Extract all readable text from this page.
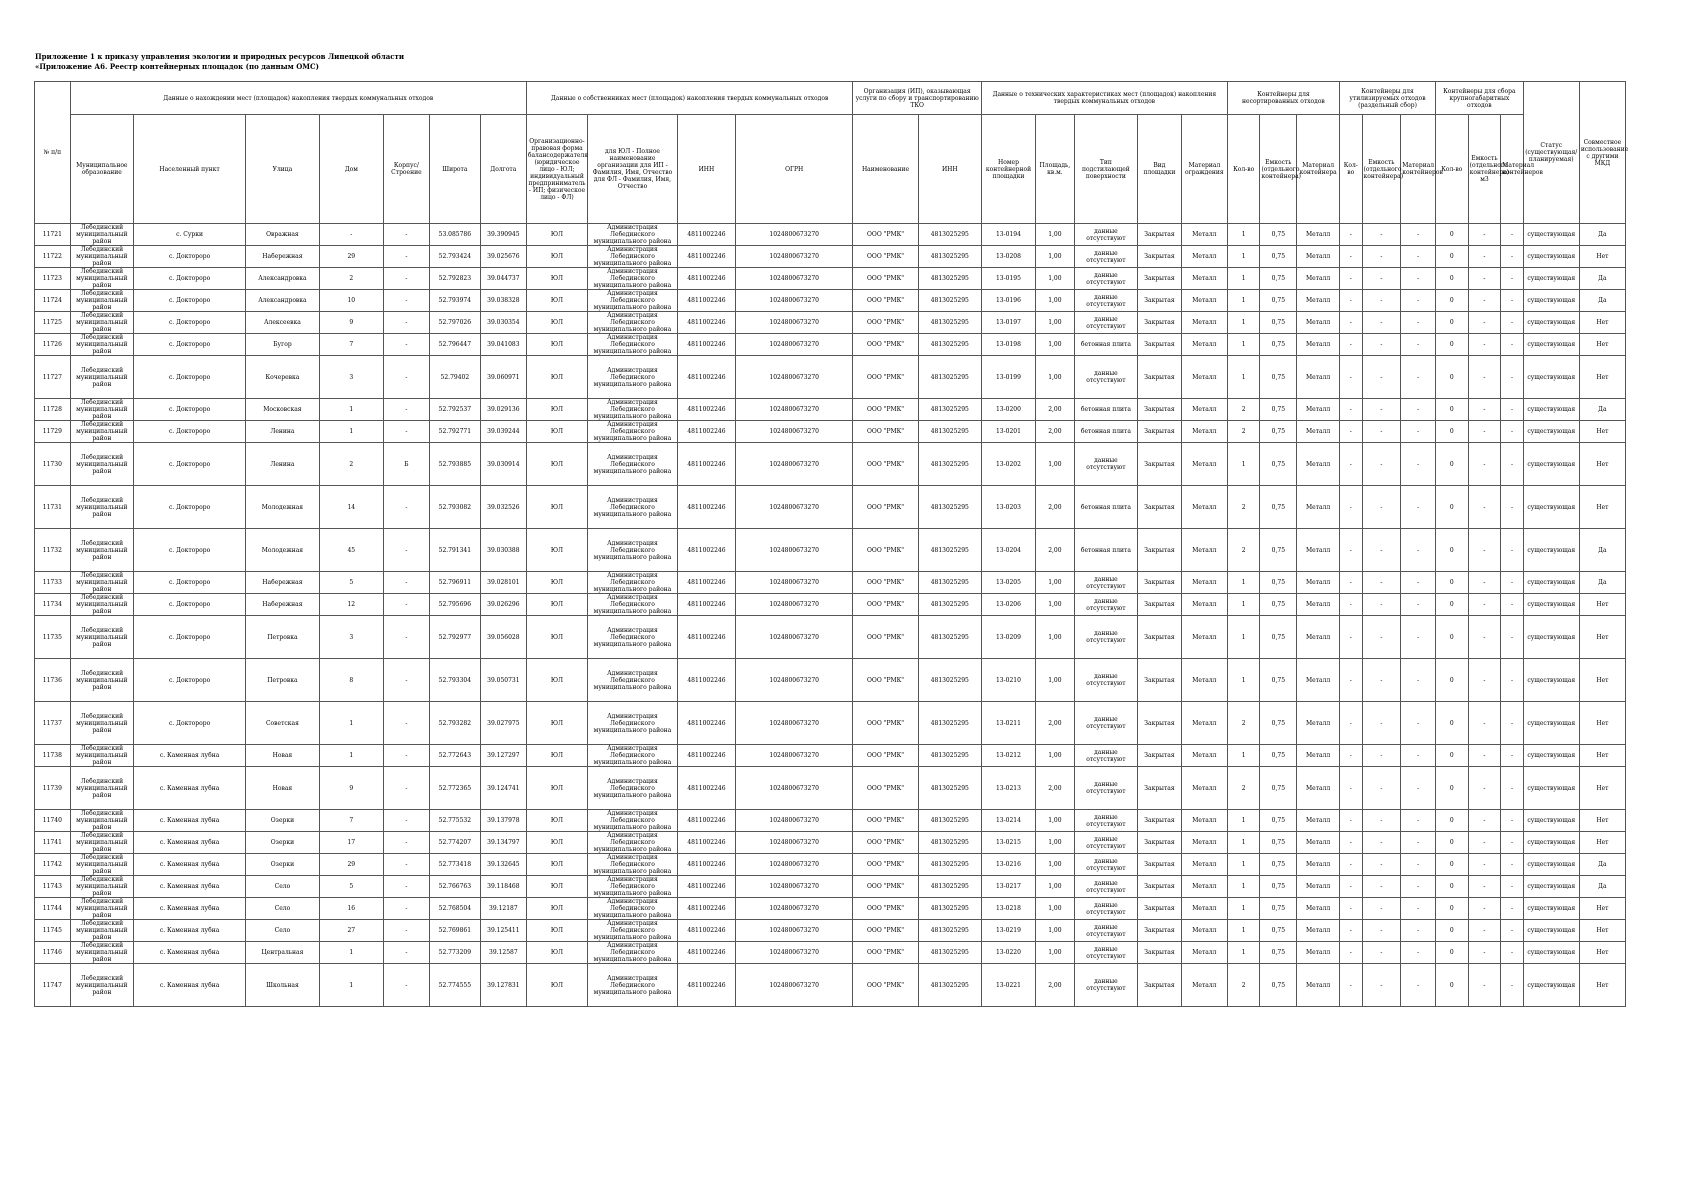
Приложение 1 к приказу управления экологии и природных ресурсов Липецкой области
«Приложение А6. Реестр контейнерных площадок (по данным ОМС)
№ п/п	Данные о нахождении мест (площадок) накопления твердых коммунальных отходов							Данные о собственниках мест (площадок) накопления твердых коммунальных отходов				Организация (ИП), оказывающая услуги по сбору и транспортированию ТКО		Данные о технических характеристиках мест (площадок) накопления твердых коммунальных отходов					Контейнеры для несортированных отходов			Контейнеры для утилизируемых отходов (раздельный сбор)			Контейнеры для сбора крупногабаритных отходов			Статус (существующая/ планируемая)	Совместное использование с другими МКД
	Муниципальное образование	Населенный пункт	Улица	Дом	Корпус/Строение	Широта	Долгота	Организационно-правовая форма балансодержателя (юридическое лицо - ЮЛ; индивидуальный предприниматель - ИП; физическое лицо - ФЛ)	для ЮЛ - Полное наименование организации для ИП - Фамилия, Имя, Отчество для ФЛ - Фамилия, Имя, Отчество	ИНН	ОГРН	Наименование	ИНН	Номер контейнерной площадки	Площадь, кв.м.	Тип подстилающей поверхности	Вид площадки	Материал ограждения	Кол-во	Емкость (отдельного контейнера)	Материал контейнера	Кол-во	Емкость (отдельного контейнера)	Материал контейнеров	Кол-во	Емкость (отдельного контейнера) м3	Материал контейнеров		
11721	Лебединский муниципальный район	с. Сурки	Овражная	-	-	53.085786	39.390945	ЮЛ	Администрация Лебединского муниципального района	4811002246	1024800673270	ООО "РМК"	4813025295	13-0194	1,00	данные отсутствуют	Закрытая	Металл	1	0,75	Металл	-	-	-	0	-	-	существующая	Да
11722	Лебединский муниципальный район	с. Доктороро	Набережная	29	-	52.793424	39.025676	ЮЛ	Администрация Лебединского муниципального района	4811002246	1024800673270	ООО "РМК"	4813025295	13-0208	1,00	данные отсутствуют	Закрытая	Металл	1	0,75	Металл	-	-	-	0	-	-	существующая	Нет
11723	Лебединский муниципальный район	с. Доктороро	Александровка	2	-	52.792823	39.044737	ЮЛ	Администрация Лебединского муниципального района	4811002246	1024800673270	ООО "РМК"	4813025295	13-0195	1,00	данные отсутствуют	Закрытая	Металл	1	0,75	Металл	-	-	-	0	-	-	существующая	Да
11724	Лебединский муниципальный район	с. Доктороро	Александровка	10	-	52.793974	39.038328	ЮЛ	Администрация Лебединского муниципального района	4811002246	1024800673270	ООО "РМК"	4813025295	13-0196	1,00	данные отсутствуют	Закрытая	Металл	1	0,75	Металл	-	-	-	0	-	-	существующая	Да
11725	Лебединский муниципальный район	с. Доктороро	Алексеевка	9	-	52.797026	39.030354	ЮЛ	Администрация Лебединского муниципального района	4811002246	1024800673270	ООО "РМК"	4813025295	13-0197	1,00	данные отсутствуют	Закрытая	Металл	1	0,75	Металл	-	-	-	0	-	-	существующая	Нет
11726	Лебединский муниципальный район	с. Доктороро	Бугор	7	-	52.796447	39.041083	ЮЛ	Администрация Лебединского муниципального района	4811002246	1024800673270	ООО "РМК"	4813025295	13-0198	1,00	бетонная плита	Закрытая	Металл	1	0,75	Металл	-	-	-	0	-	-	существующая	Нет
11727	Лебединский муниципальный район	с. Доктороро	Кочеревка	3	-	52.79402	39.060971	ЮЛ	Администрация Лебединского муниципального района	4811002246	1024800673270	ООО "РМК"	4813025295	13-0199	1,00	данные отсутствуют	Закрытая	Металл	1	0,75	Металл	-	-	-	0	-	-	существующая	Нет
11728	Лебединский муниципальный район	с. Доктороро	Московская	1	-	52.792537	39.029136	ЮЛ	Администрация Лебединского муниципального района	4811002246	1024800673270	ООО "РМК"	4813025295	13-0200	2,00	бетонная плита	Закрытая	Металл	2	0,75	Металл	-	-	-	0	-	-	существующая	Да
11729	Лебединский муниципальный район	с. Доктороро	Ленина	1	-	52.792771	39.039244	ЮЛ	Администрация Лебединского муниципального района	4811002246	1024800673270	ООО "РМК"	4813025295	13-0201	2,00	бетонная плита	Закрытая	Металл	2	0,75	Металл	-	-	-	0	-	-	существующая	Нет
11730	Лебединский муниципальный район	с. Доктороро	Ленина	2	Б	52.793885	39.030914	ЮЛ	Администрация Лебединского муниципального района	4811002246	1024800673270	ООО "РМК"	4813025295	13-0202	1,00	данные отсутствуют	Закрытая	Металл	1	0,75	Металл	-	-	-	0	-	-	существующая	Нет
11731	Лебединский муниципальный район	с. Доктороро	Молодежная	14	-	52.793082	39.032526	ЮЛ	Администрация Лебединского муниципального района	4811002246	1024800673270	ООО "РМК"	4813025295	13-0203	2,00	бетонная плита	Закрытая	Металл	2	0,75	Металл	-	-	-	0	-	-	существующая	Нет
11732	Лебединский муниципальный район	с. Доктороро	Молодежная	45	-	52.791341	39.030388	ЮЛ	Администрация Лебединского муниципального района	4811002246	1024800673270	ООО "РМК"	4813025295	13-0204	2,00	бетонная плита	Закрытая	Металл	2	0,75	Металл	-	-	-	0	-	-	существующая	Да
11733	Лебединский муниципальный район	с. Доктороро	Набережная	5	-	52.796911	39.028101	ЮЛ	Администрация Лебединского муниципального района	4811002246	1024800673270	ООО "РМК"	4813025295	13-0205	1,00	данные отсутствуют	Закрытая	Металл	1	0,75	Металл	-	-	-	0	-	-	существующая	Да
11734	Лебединский муниципальный район	с. Доктороро	Набережная	12	-	52.795696	39.026296	ЮЛ	Администрация Лебединского муниципального района	4811002246	1024800673270	ООО "РМК"	4813025295	13-0206	1,00	данные отсутствуют	Закрытая	Металл	1	0,75	Металл	-	-	-	0	-	-	существующая	Нет
11735	Лебединский муниципальный район	с. Доктороро	Петровка	3	-	52.792977	39.056028	ЮЛ	Администрация Лебединского муниципального района	4811002246	1024800673270	ООО "РМК"	4813025295	13-0209	1,00	данные отсутствуют	Закрытая	Металл	1	0,75	Металл	-	-	-	0	-	-	существующая	Нет
11736	Лебединский муниципальный район	с. Доктороро	Петровка	8	-	52.793304	39.050731	ЮЛ	Администрация Лебединского муниципального района	4811002246	1024800673270	ООО "РМК"	4813025295	13-0210	1,00	данные отсутствуют	Закрытая	Металл	1	0,75	Металл	-	-	-	0	-	-	существующая	Нет
11737	Лебединский муниципальный район	с. Доктороро	Советская	1	-	52.793282	39.027975	ЮЛ	Администрация Лебединского муниципального района	4811002246	1024800673270	ООО "РМК"	4813025295	13-0211	2,00	данные отсутствуют	Закрытая	Металл	2	0,75	Металл	-	-	-	0	-	-	существующая	Нет
11738	Лебединский муниципальный район	с. Каменная лубна	Новая	1	-	52.772643	39.127297	ЮЛ	Администрация Лебединского муниципального района	4811002246	1024800673270	ООО "РМК"	4813025295	13-0212	1,00	данные отсутствуют	Закрытая	Металл	1	0,75	Металл	-	-	-	0	-	-	существующая	Нет
11739	Лебединский муниципальный район	с. Каменная лубна	Новая	9	-	52.772365	39.124741	ЮЛ	Администрация Лебединского муниципального района	4811002246	1024800673270	ООО "РМК"	4813025295	13-0213	2,00	данные отсутствуют	Закрытая	Металл	2	0,75	Металл	-	-	-	0	-	-	существующая	Нет
11740	Лебединский муниципальный район	с. Каменная лубна	Озерки	7	-	52.775532	39.137978	ЮЛ	Администрация Лебединского муниципального района	4811002246	1024800673270	ООО "РМК"	4813025295	13-0214	1,00	данные отсутствуют	Закрытая	Металл	1	0,75	Металл	-	-	-	0	-	-	существующая	Нет
11741	Лебединский муниципальный район	с. Каменная лубна	Озерки	17	-	52.774207	39.134797	ЮЛ	Администрация Лебединского муниципального района	4811002246	1024800673270	ООО "РМК"	4813025295	13-0215	1,00	данные отсутствуют	Закрытая	Металл	1	0,75	Металл	-	-	-	0	-	-	существующая	Нет
11742	Лебединский муниципальный район	с. Каменная лубна	Озерки	29	-	52.773418	39.132645	ЮЛ	Администрация Лебединского муниципального района	4811002246	1024800673270	ООО "РМК"	4813025295	13-0216	1,00	данные отсутствуют	Закрытая	Металл	1	0,75	Металл	-	-	-	0	-	-	существующая	Да
11743	Лебединский муниципальный район	с. Каменная лубна	Село	5	-	52.766763	39.118468	ЮЛ	Администрация Лебединского муниципального района	4811002246	1024800673270	ООО "РМК"	4813025295	13-0217	1,00	данные отсутствуют	Закрытая	Металл	1	0,75	Металл	-	-	-	0	-	-	существующая	Да
11744	Лебединский муниципальный район	с. Каменная лубна	Село	16	-	52.768504	39.12187	ЮЛ	Администрация Лебединского муниципального района	4811002246	1024800673270	ООО "РМК"	4813025295	13-0218	1,00	данные отсутствуют	Закрытая	Металл	1	0,75	Металл	-	-	-	0	-	-	существующая	Нет
11745	Лебединский муниципальный район	с. Каменная лубна	Село	27	-	52.769861	39.125411	ЮЛ	Администрация Лебединского муниципального района	4811002246	1024800673270	ООО "РМК"	4813025295	13-0219	1,00	данные отсутствуют	Закрытая	Металл	1	0,75	Металл	-	-	-	0	-	-	существующая	Нет
11746	Лебединский муниципальный район	с. Каменная лубна	Центральная	1	-	52.773209	39.12587	ЮЛ	Администрация Лебединского муниципального района	4811002246	1024800673270	ООО "РМК"	4813025295	13-0220	1,00	данные отсутствуют	Закрытая	Металл	1	0,75	Металл	-	-	-	0	-	-	существующая	Нет
11747	Лебединский муниципальный район	с. Каменная лубна	Школьная	1	-	52.774555	39.127831	ЮЛ	Администрация Лебединского муниципального района	4811002246	1024800673270	ООО "РМК"	4813025295	13-0221	2,00	данные отсутствуют	Закрытая	Металл	2	0,75	Металл	-	-	-	0	-	-	существующая	Нет
